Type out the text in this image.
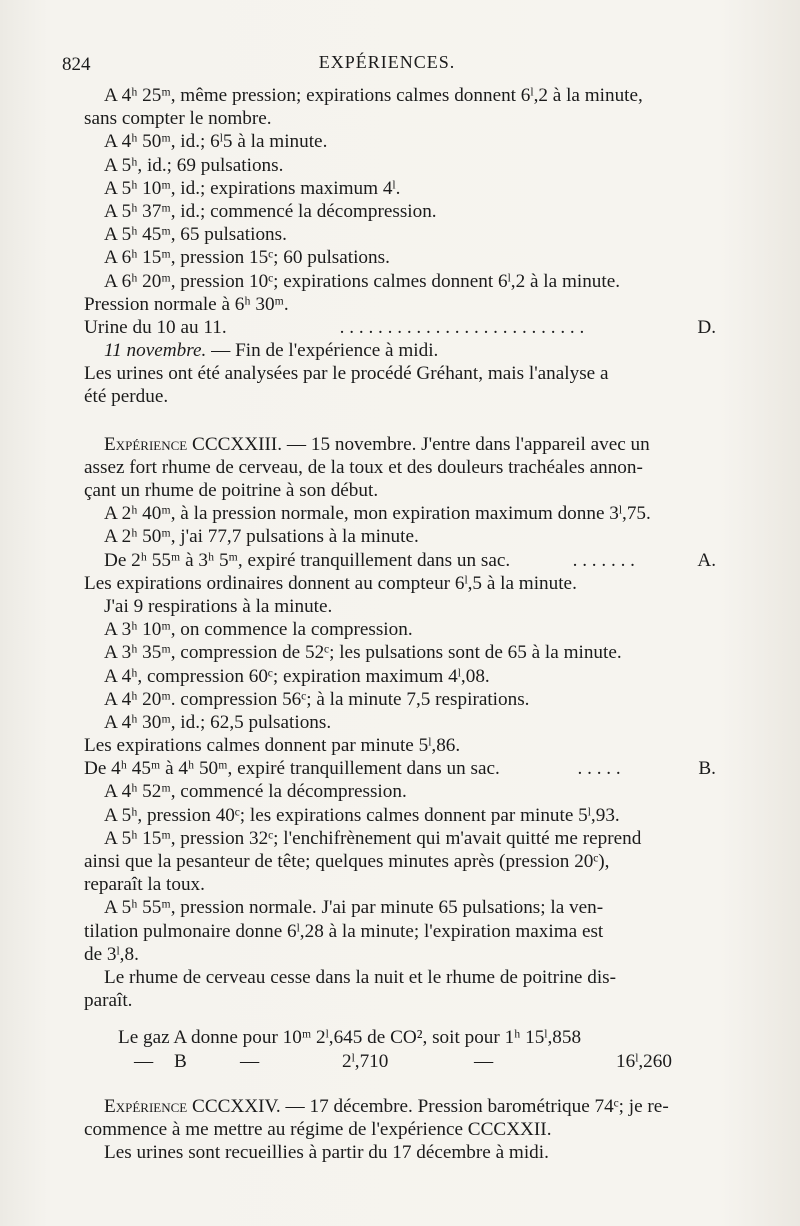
824	EXPÉRIENCES.
A 4ʰ 25ᵐ, même pression; expirations calmes donnent 6ˡ,2 à la minute,
sans compter le nombre.
A 4ʰ 50ᵐ, id.; 6ˡ5 à la minute.
A 5ʰ, id.; 69 pulsations.
A 5ʰ 10ᵐ, id.; expirations maximum 4ˡ.
A 5ʰ 37ᵐ, id.; commencé la décompression.
A 5ʰ 45ᵐ, 65 pulsations.
A 6ʰ 15ᵐ, pression 15ᶜ; 60 pulsations.
A 6ʰ 20ᵐ, pression 10ᶜ; expirations calmes donnent 6ˡ,2 à la minute.
Pression normale à 6ʰ 30ᵐ.
Urine du 10 au 11.	. . . . . . . . . . . . . . . . . . . . . . . . . .	D.
11 novembre. — Fin de l'expérience à midi.
Les urines ont été analysées par le procédé Gréhant, mais l'analyse a
été perdue.
Expérience CCCXXIII. — 15 novembre. J'entre dans l'appareil avec un
assez fort rhume de cerveau, de la toux et des douleurs trachéales annon-
çant un rhume de poitrine à son début.
A 2ʰ 40ᵐ, à la pression normale, mon expiration maximum donne 3ˡ,75.
A 2ʰ 50ᵐ, j'ai 77,7 pulsations à la minute.
De 2ʰ 55ᵐ à 3ʰ 5ᵐ, expiré tranquillement dans un sac.	. . . . . . .	A.
Les expirations ordinaires donnent au compteur 6ˡ,5 à la minute.
J'ai 9 respirations à la minute.
A 3ʰ 10ᵐ, on commence la compression.
A 3ʰ 35ᵐ, compression de 52ᶜ; les pulsations sont de 65 à la minute.
A 4ʰ, compression 60ᶜ; expiration maximum 4ˡ,08.
A 4ʰ 20ᵐ. compression 56ᶜ; à la minute 7,5 respirations.
A 4ʰ 30ᵐ, id.; 62,5 pulsations.
Les expirations calmes donnent par minute 5ˡ,86.
De 4ʰ 45ᵐ à 4ʰ 50ᵐ, expiré tranquillement dans un sac.	. . . . .	B.
A 4ʰ 52ᵐ, commencé la décompression.
A 5ʰ, pression 40ᶜ; les expirations calmes donnent par minute 5ˡ,93.
A 5ʰ 15ᵐ, pression 32ᶜ; l'enchifrènement qui m'avait quitté me reprend
ainsi que la pesanteur de tête; quelques minutes après (pression 20ᶜ),
reparaît la toux.
A 5ʰ 55ᵐ, pression normale. J'ai par minute 65 pulsations; la ven-
tilation pulmonaire donne 6ˡ,28 à la minute; l'expiration maxima est
de 3ˡ,8.
Le rhume de cerveau cesse dans la nuit et le rhume de poitrine dis-
paraît.
Le gaz A donne pour 10ᵐ 2ˡ,645 de CO², soit pour 1ʰ 15ˡ,858
— B	—	2ˡ,710	—	16ˡ,260
Expérience CCCXXIV. — 17 décembre. Pression barométrique 74ᶜ; je re-
commence à me mettre au régime de l'expérience CCCXXII.
Les urines sont recueillies à partir du 17 décembre à midi.
